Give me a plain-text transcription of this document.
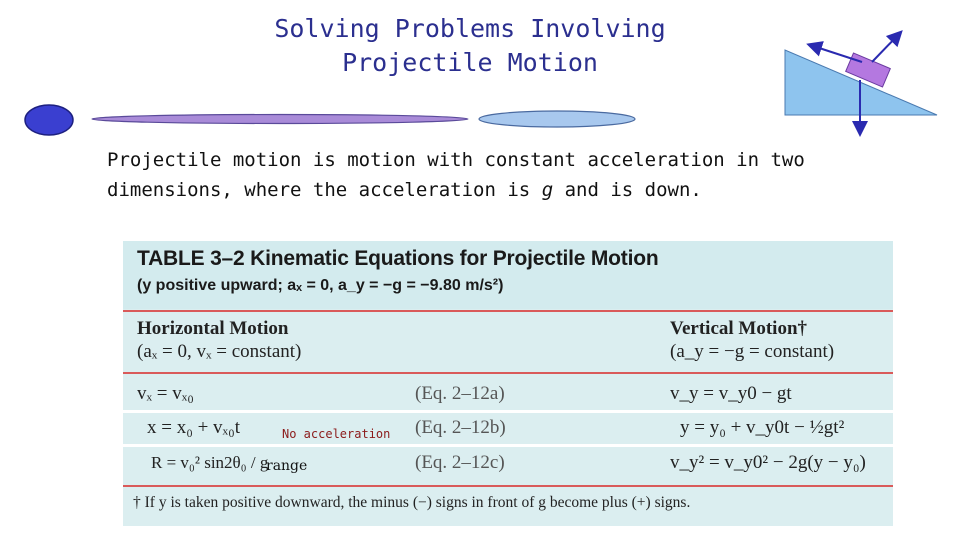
Solving Problems Involving
Projectile Motion
Projectile motion is motion with constant acceleration in two dimensions, where the acceleration is g and is down.
TABLE 3–2 Kinematic Equations for Projectile Motion
(y positive upward; aₓ = 0, a_y = −g = −9.80 m/s²)
Horizontal Motion
(aₓ = 0, vₓ = constant)
Vertical Motion†
(a_y = −g = constant)
vₓ = vₓ₀	(Eq. 2–12a)	v_y = v_y0 − gt
x = x₀ + vₓ₀t	(Eq. 2–12b)	y = y₀ + v_y0t − ½gt²
R = v₀² sin2θ₀ / g	(Eq. 2–12c)	v_y² = v_y0² − 2g(y − y₀)
† If y is taken positive downward, the minus (−) signs in front of g become plus (+) signs.
No acceleration
range
